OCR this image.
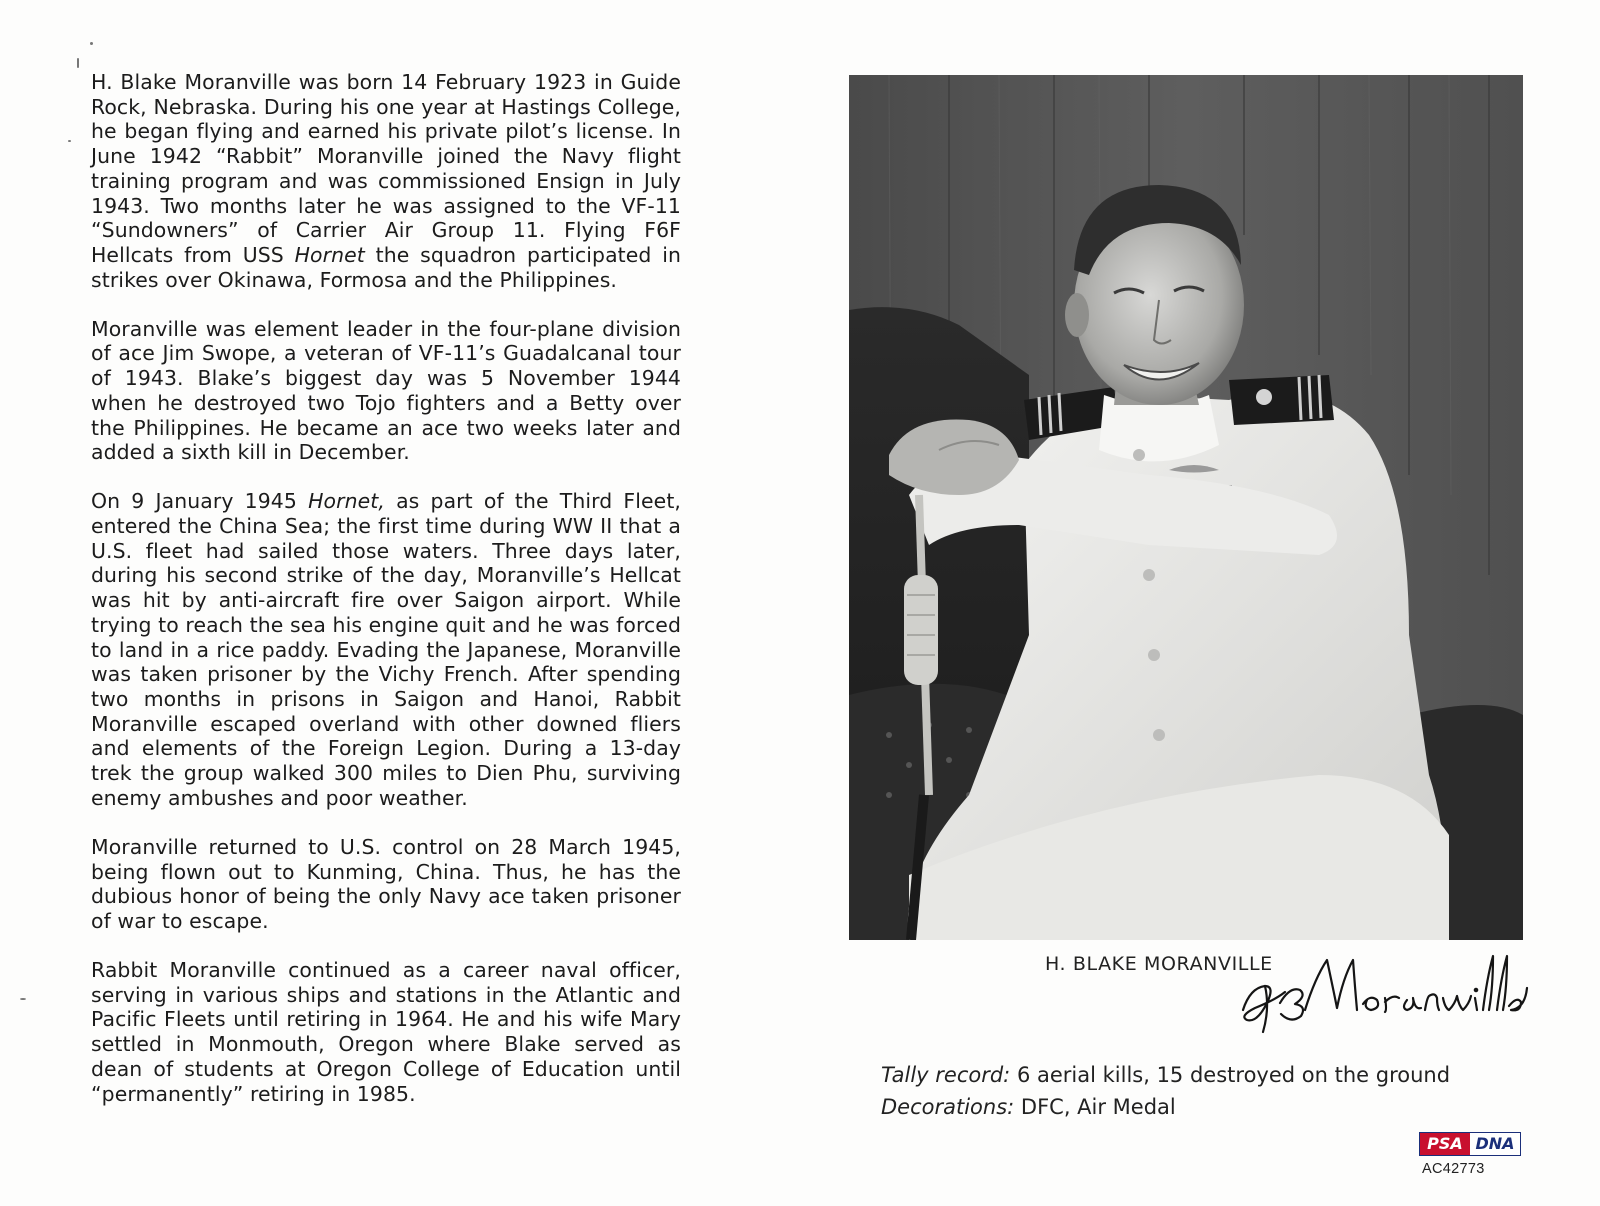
H. Blake Moranville was born 14 February 1923 in Guide Rock, Nebraska. During his one year at Hastings College, he began flying and earned his private pilot’s license. In June 1942 “Rabbit” Moranville joined the Navy flight training program and was commissioned Ensign in July 1943. Two months later he was assigned to the VF-11 “Sundowners” of Carrier Air Group 11. Flying F6F Hellcats from USS Hornet the squadron participated in strikes over Okinawa, Formosa and the Philippines.

Moranville was element leader in the four-plane division of ace Jim Swope, a veteran of VF-11’s Guadalcanal tour of 1943. Blake’s biggest day was 5 November 1944 when he destroyed two Tojo fighters and a Betty over the Philippines. He became an ace two weeks later and added a sixth kill in December.

On 9 January 1945 Hornet, as part of the Third Fleet, entered the China Sea; the first time during WW II that a U.S. fleet had sailed those waters. Three days later, during his second strike of the day, Moranville’s Hellcat was hit by anti-aircraft fire over Saigon airport. While trying to reach the sea his engine quit and he was forced to land in a rice paddy. Evading the Japanese, Moranville was taken prisoner by the Vichy French. After spending two months in prisons in Saigon and Hanoi, Rabbit Moranville escaped overland with other downed fliers and elements of the Foreign Legion. During a 13-day trek the group walked 300 miles to Dien Phu, surviving enemy ambushes and poor weather.

Moranville returned to U.S. control on 28 March 1945, being flown out to Kunming, China. Thus, he has the dubious honor of being the only Navy ace taken prisoner of war to escape.

Rabbit Moranville continued as a career naval officer, serving in various ships and stations in the Atlantic and Pacific Fleets until retiring in 1964. He and his wife Mary settled in Monmouth, Oregon where Blake served as dean of students at Oregon College of Education until “permanently” retiring in 1985.

H. BLAKE MORANVILLE
Tally record: 6 aerial kills, 15 destroyed on the ground
Decorations: DFC, Air Medal
PSA DNA
AC42773
